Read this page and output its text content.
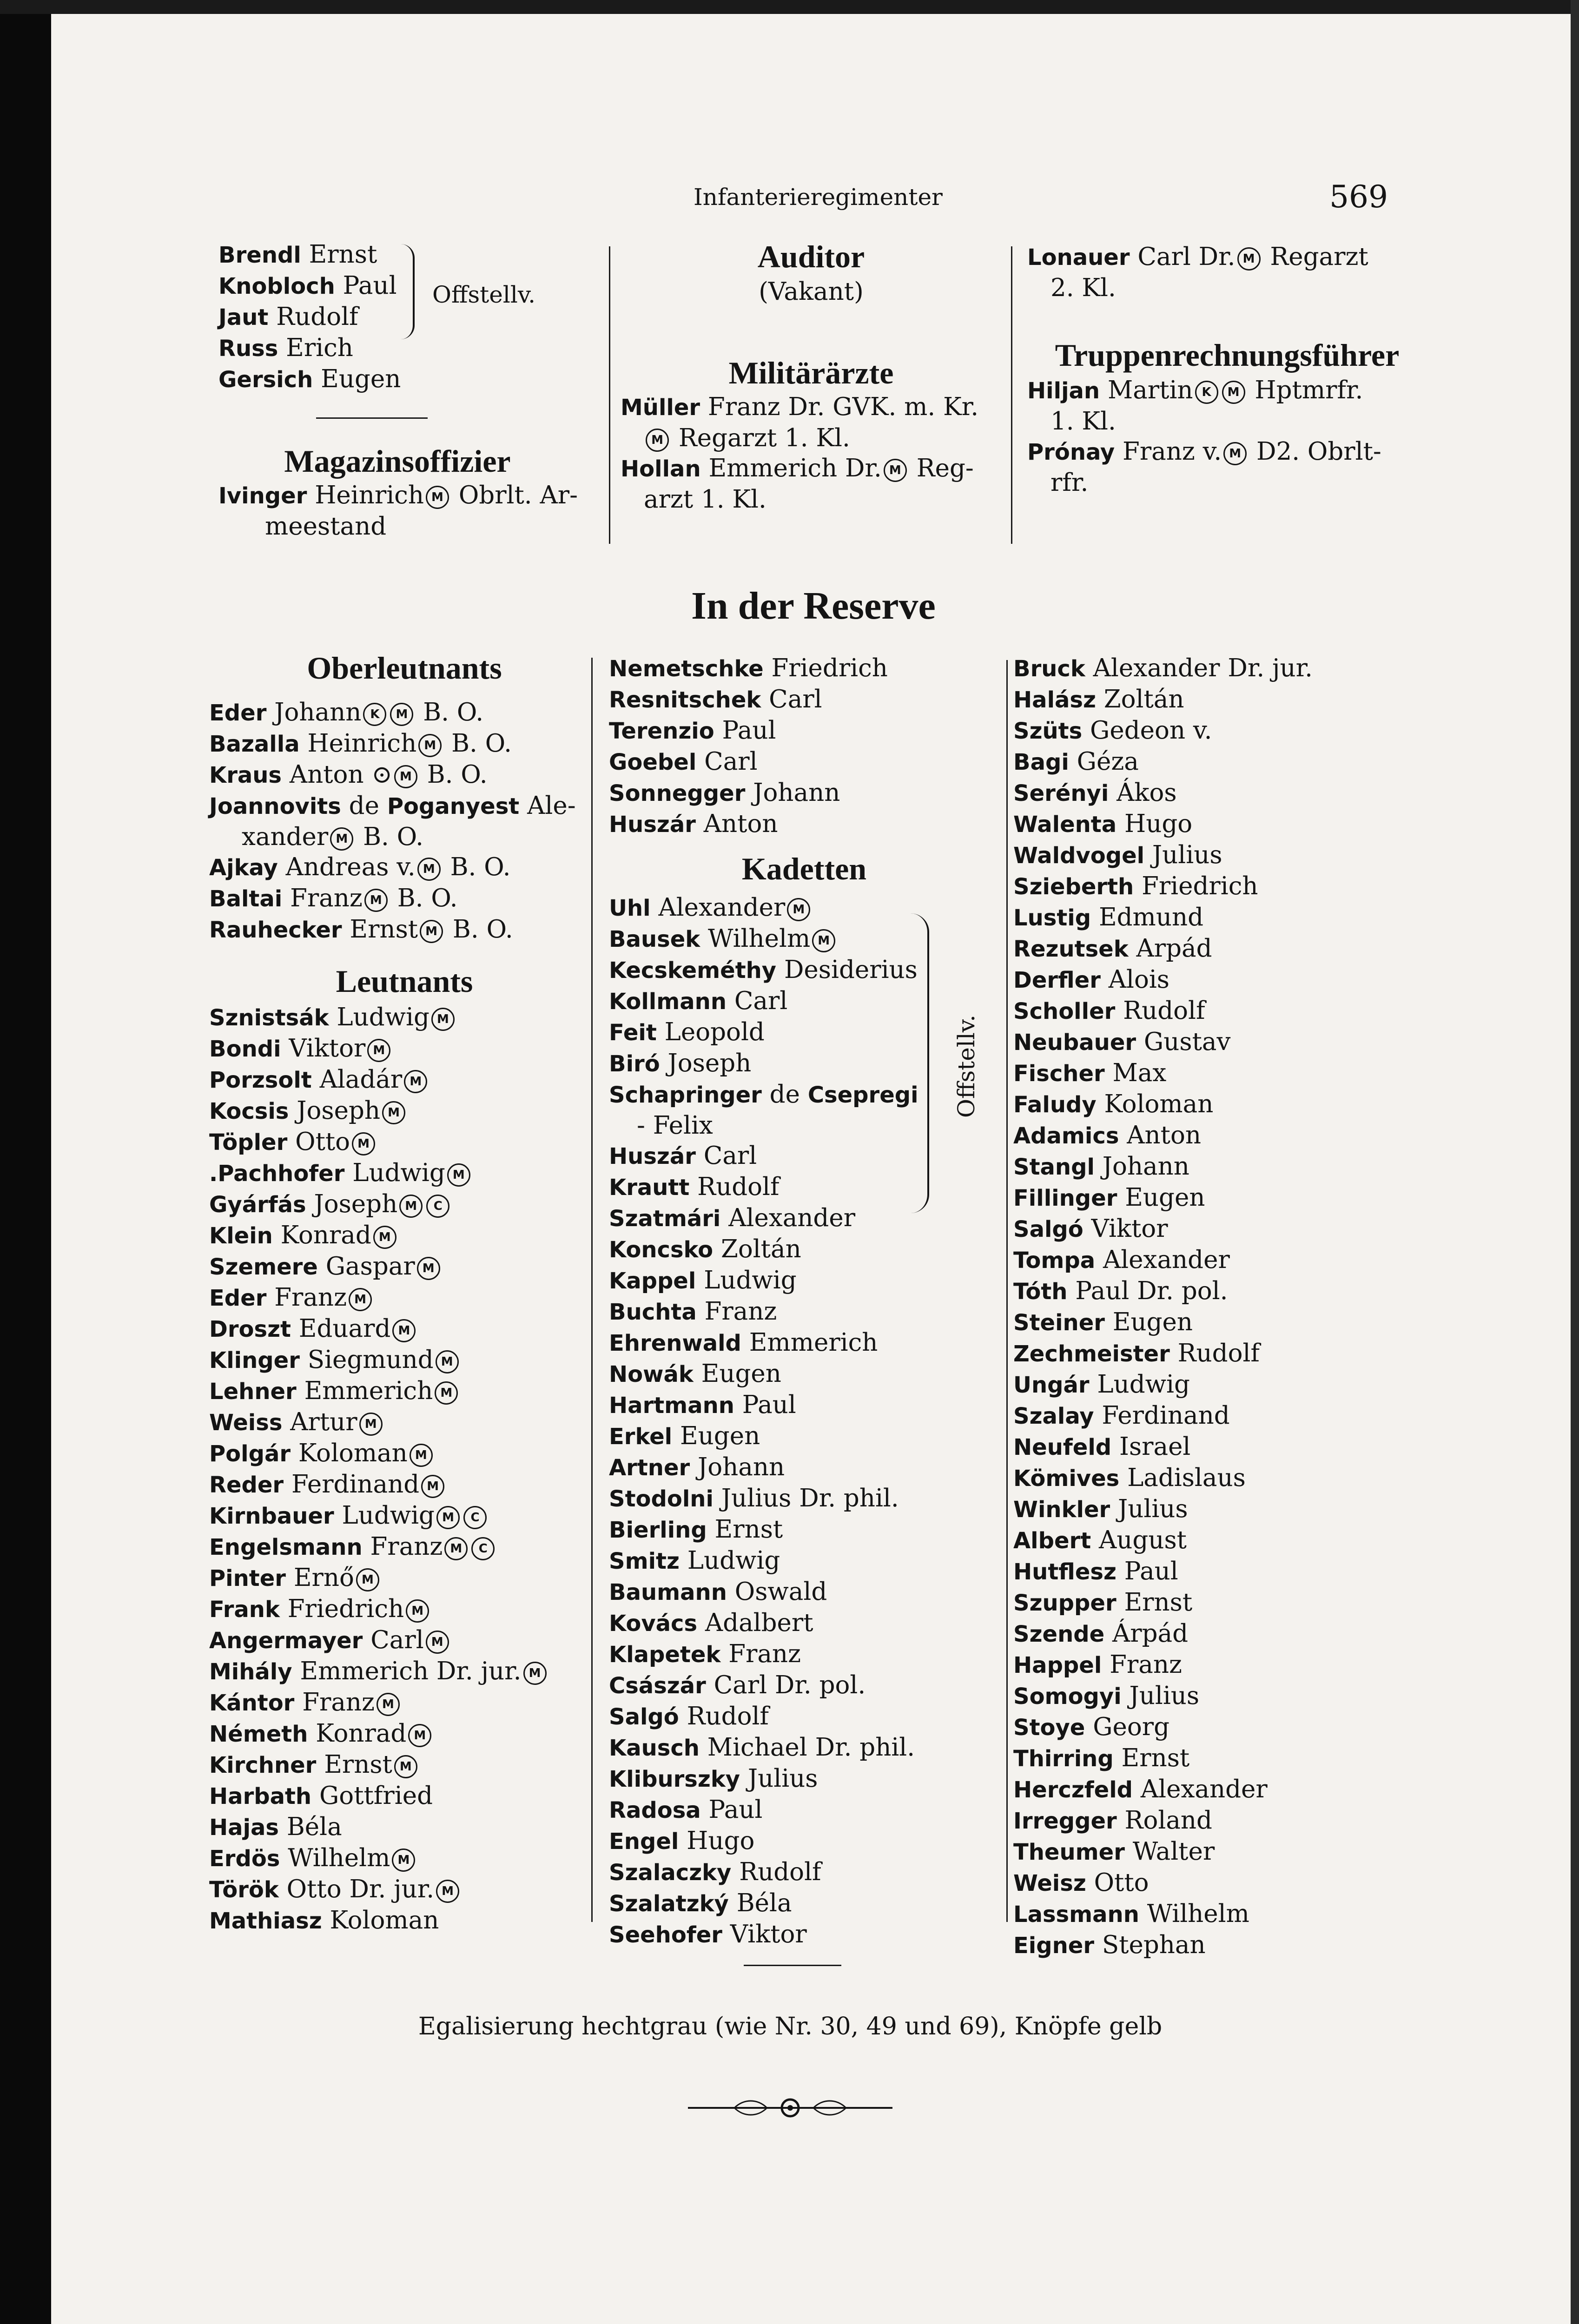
Infanterieregimenter	569
Brendl Ernst
Knobloch Paul
Jaut Rudolf
Russ Erich
Gersich Eugen
Magazinsoffizier
Ivinger Heinrich M Obrlt. Ar-
meestand
Offstellv.
Auditor
(Vakant)
Militärärzte
Müller Franz Dr. GVK. m. Kr.
M Regarzt 1. Kl.
Hollan Emmerich Dr. M Reg-
arzt 1. Kl.
Lonauer Carl Dr. M Regarzt
2. Kl.
Truppenrechnungsführer
Hiljan Martin K M Hptmrfr.
1. Kl.
Prónay Franz v. M D2. Obrlt-
rfr.
In der Reserve
Oberleutnants
Eder Johann K M B. O.
Bazalla Heinrich M B. O.
Kraus Anton ⊙ M B. O.
Joannovits de Poganyest Ale-
xander M B. O.
Ajkay Andreas v. M B. O.
Baltai Franz M B. O.
Rauhecker Ernst M B. O.
Leutnants
Sznistsák Ludwig M
Bondi Viktor M
Porzsolt Aladár M
Kocsis Joseph M
Töpler Otto M
.Pachhofer Ludwig M
Gyárfás Joseph M C
Klein Konrad M
Szemere Gaspar M
Eder Franz M
Droszt Eduard M
Klinger Siegmund M
Lehner Emmerich M
Weiss Artur M
Polgár Koloman M
Reder Ferdinand M
Kirnbauer Ludwig M C
Engelsmann Franz M C
Pinter Ernő M
Frank Friedrich M
Angermayer Carl M
Mihály Emmerich Dr. jur. M
Kántor Franz M
Németh Konrad M
Kirchner Ernst M
Harbath Gottfried
Hajas Béla
Erdös Wilhelm M
Török Otto Dr. jur. M
Mathiasz Koloman
Nemetschke Friedrich
Resnitschek Carl
Terenzio Paul
Goebel Carl
Sonnegger Johann
Huszár Anton
Kadetten
Uhl Alexander M
Bausek Wilhelm M
Kecskeméthy Desiderius
Kollmann Carl
Feit Leopold
Biró Joseph
Schapringer de Csepregi
- Felix
Huszár Carl
Krautt Rudolf
Szatmári Alexander
Koncsko Zoltán
Kappel Ludwig
Buchta Franz
Ehrenwald Emmerich
Nowák Eugen
Hartmann Paul
Erkel Eugen
Artner Johann
Stodolni Julius Dr. phil.
Bierling Ernst
Smitz Ludwig
Baumann Oswald
Kovács Adalbert
Klapetek Franz
Császár Carl Dr. pol.
Salgó Rudolf
Kausch Michael Dr. phil.
Kliburszky Julius
Radosa Paul
Engel Hugo
Szalaczky Rudolf
Szalatzký Béla
Seehofer Viktor
Offstellv.
Bruck Alexander Dr. jur.
Halász Zoltán
Szüts Gedeon v.
Bagi Géza
Serényi Ákos
Walenta Hugo
Waldvogel Julius
Szieberth Friedrich
Lustig Edmund
Rezutsek Arpád
Derfler Alois
Scholler Rudolf
Neubauer Gustav
Fischer Max
Faludy Koloman
Adamics Anton
Stangl Johann
Fillinger Eugen
Salgó Viktor
Tompa Alexander
Tóth Paul Dr. pol.
Steiner Eugen
Zechmeister Rudolf
Ungár Ludwig
Szalay Ferdinand
Neufeld Israel
Kömives Ladislaus
Winkler Julius
Albert August
Hutflesz Paul
Szupper Ernst
Szende Árpád
Happel Franz
Somogyi Julius
Stoye Georg
Thirring Ernst
Herczfeld Alexander
Irregger Roland
Theumer Walter
Weisz Otto
Lassmann Wilhelm
Eigner Stephan
Egalisierung hechtgrau (wie Nr. 30, 49 und 69), Knöpfe gelb
